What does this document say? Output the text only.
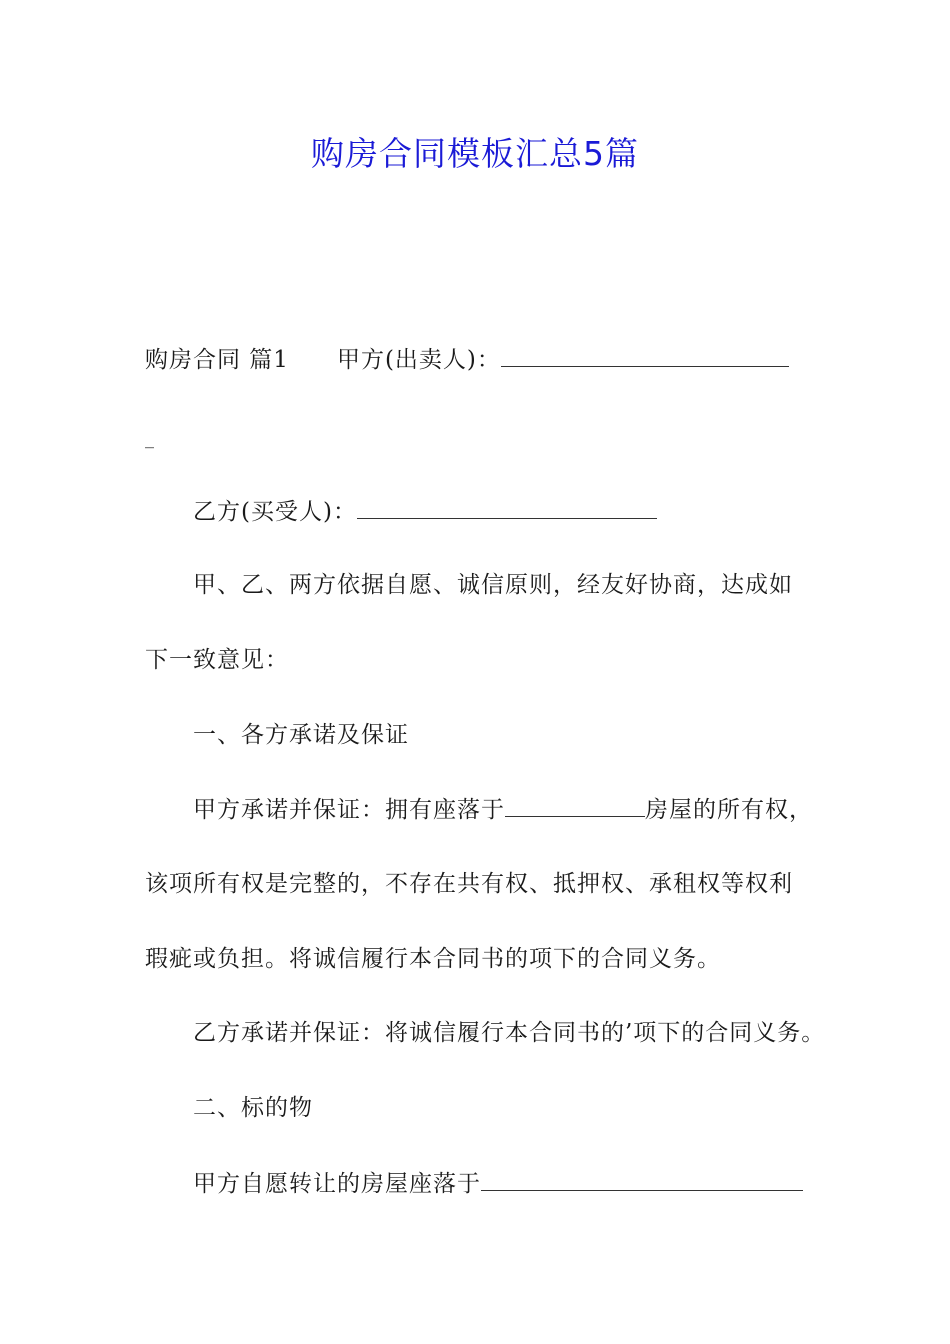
购房合同模板汇总5篇
购房合同 篇1 甲方(出卖人)：
_
乙方(买受人)：
甲、乙、两方依据自愿、诚信原则，经友好协商，达成如
下一致意见：
一、各方承诺及保证
甲方承诺并保证：拥有座落于	房屋的所有权，
该项所有权是完整的，不存在共有权、抵押权、承租权等权利
瑕疵或负担。将诚信履行本合同书的项下的合同义务。
乙方承诺并保证：将诚信履行本合同书的’项下的合同义务。
二、标的物
甲方自愿转让的房屋座落于
